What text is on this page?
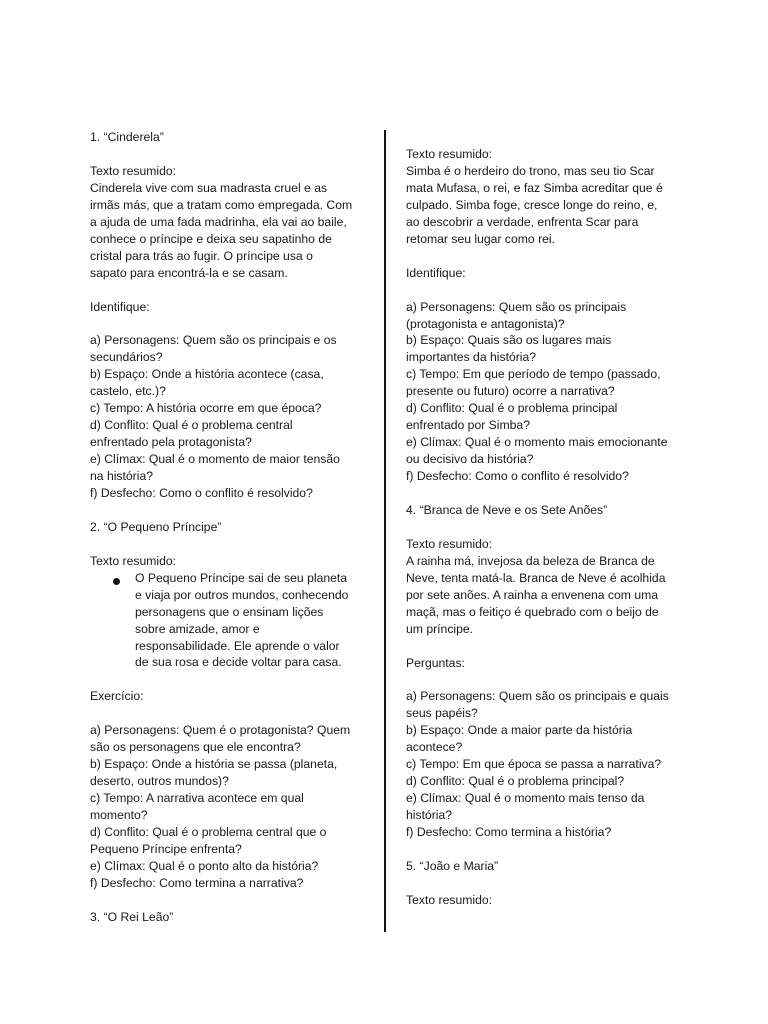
1. “Cinderela”
Texto resumido:
Cinderela vive com sua madrasta cruel e as
irmãs más, que a tratam como empregada. Com
a ajuda de uma fada madrinha, ela vai ao baile,
conhece o príncipe e deixa seu sapatinho de
cristal para trás ao fugir. O príncipe usa o
sapato para encontrá-la e se casam.
Identifique:
a) Personagens: Quem são os principais e os
secundários?
b) Espaço: Onde a história acontece (casa,
castelo, etc.)?
c) Tempo: A história ocorre em que época?
d) Conflito: Qual é o problema central
enfrentado pela protagonista?
e) Clímax: Qual é o momento de maior tensão
na história?
f) Desfecho: Como o conflito é resolvido?
2. “O Pequeno Príncipe”
Texto resumido:
O Pequeno Príncipe sai de seu planeta
e viaja por outros mundos, conhecendo
personagens que o ensinam lições
sobre amizade, amor e
responsabilidade. Ele aprende o valor
de sua rosa e decide voltar para casa.
Exercício:
a) Personagens: Quem é o protagonista? Quem
são os personagens que ele encontra?
b) Espaço: Onde a história se passa (planeta,
deserto, outros mundos)?
c) Tempo: A narrativa acontece em qual
momento?
d) Conflito: Qual é o problema central que o
Pequeno Príncipe enfrenta?
e) Clímax: Qual é o ponto alto da história?
f) Desfecho: Como termina a narrativa?
3. “O Rei Leão”
Texto resumido:
Simba é o herdeiro do trono, mas seu tio Scar
mata Mufasa, o rei, e faz Simba acreditar que é
culpado. Simba foge, cresce longe do reino, e,
ao descobrir a verdade, enfrenta Scar para
retomar seu lugar como rei.
Identifique:
a) Personagens: Quem são os principais
(protagonista e antagonista)?
b) Espaço: Quais são os lugares mais
importantes da história?
c) Tempo: Em que período de tempo (passado,
presente ou futuro) ocorre a narrativa?
d) Conflito: Qual é o problema principal
enfrentado por Simba?
e) Clímax: Qual é o momento mais emocionante
ou decisivo da história?
f) Desfecho: Como o conflito é resolvido?
4. “Branca de Neve e os Sete Anões”
Texto resumido:
A rainha má, invejosa da beleza de Branca de
Neve, tenta matá-la. Branca de Neve é acolhida
por sete anões. A rainha a envenena com uma
maçã, mas o feitiço é quebrado com o beijo de
um príncipe.
Perguntas:
a) Personagens: Quem são os principais e quais
seus papéis?
b) Espaço: Onde a maior parte da história
acontece?
c) Tempo: Em que época se passa a narrativa?
d) Conflito: Qual é o problema principal?
e) Clímax: Qual é o momento mais tenso da
história?
f) Desfecho: Como termina a história?
5. “João e Maria”
Texto resumido:
